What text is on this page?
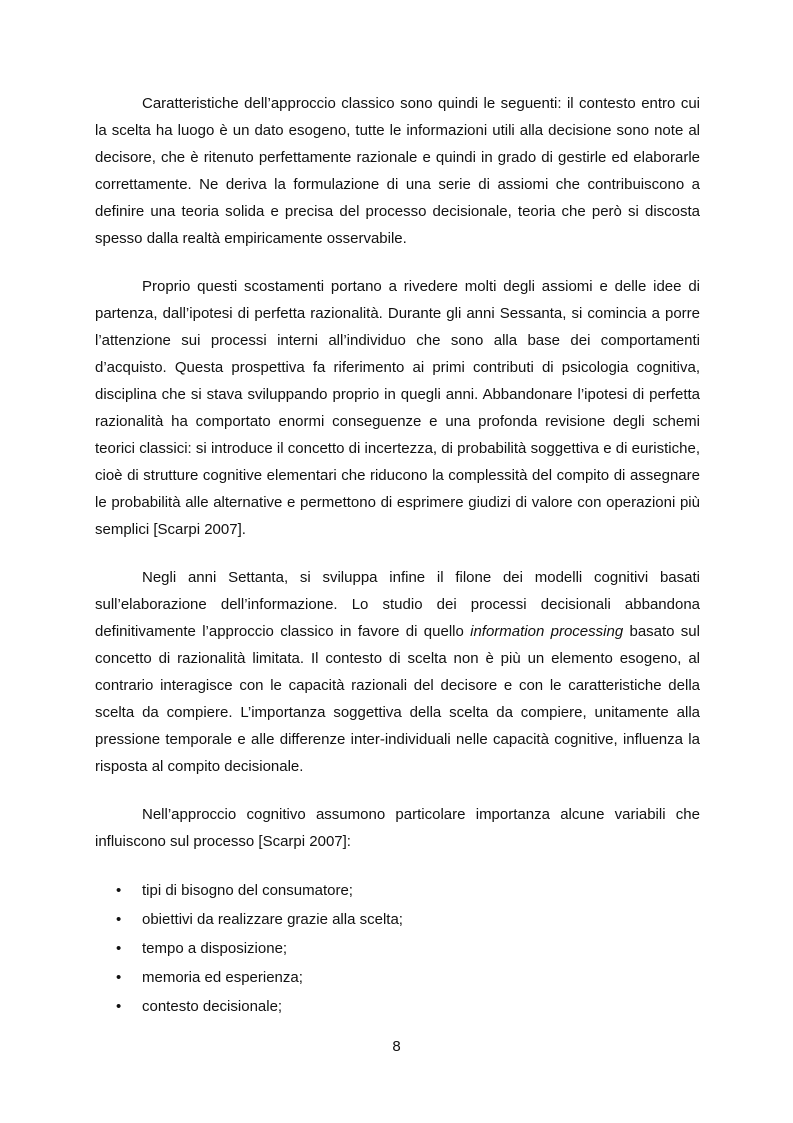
Caratteristiche dell’approccio classico sono quindi le seguenti: il contesto entro cui la scelta ha luogo è un dato esogeno, tutte le informazioni utili alla decisione sono note al decisore, che è ritenuto perfettamente razionale e quindi in grado di gestirle ed elaborarle correttamente. Ne deriva la formulazione di una serie di assiomi che contribuiscono a definire una teoria solida e precisa del processo decisionale, teoria che però si discosta spesso dalla realtà empiricamente osservabile.

Proprio questi scostamenti portano a rivedere molti degli assiomi e delle idee di partenza, dall’ipotesi di perfetta razionalità. Durante gli anni Sessanta, si comincia a porre l’attenzione sui processi interni all’individuo che sono alla base dei comportamenti d’acquisto. Questa prospettiva fa riferimento ai primi contributi di psicologia cognitiva, disciplina che si stava sviluppando proprio in quegli anni. Abbandonare l’ipotesi di perfetta razionalità ha comportato enormi conseguenze e una profonda revisione degli schemi teorici classici: si introduce il concetto di incertezza, di probabilità soggettiva e di euristiche, cioè di strutture cognitive elementari che riducono la complessità del compito di assegnare le probabilità alle alternative e permettono di esprimere giudizi di valore con operazioni più semplici [Scarpi 2007].

Negli anni Settanta, si sviluppa infine il filone dei modelli cognitivi basati sull’elaborazione dell’informazione. Lo studio dei processi decisionali abbandona definitivamente l’approccio classico in favore di quello information processing basato sul concetto di razionalità limitata. Il contesto di scelta non è più un elemento esogeno, al contrario interagisce con le capacità razionali del decisore e con le caratteristiche della scelta da compiere. L’importanza soggettiva della scelta da compiere, unitamente alla pressione temporale e alle differenze inter-individuali nelle capacità cognitive, influenza la risposta al compito decisionale.

Nell’approccio cognitivo assumono particolare importanza alcune variabili che influiscono sul processo [Scarpi 2007]:

• tipi di bisogno del consumatore;
• obiettivi da realizzare grazie alla scelta;
• tempo a disposizione;
• memoria ed esperienza;
• contesto decisionale;
8
